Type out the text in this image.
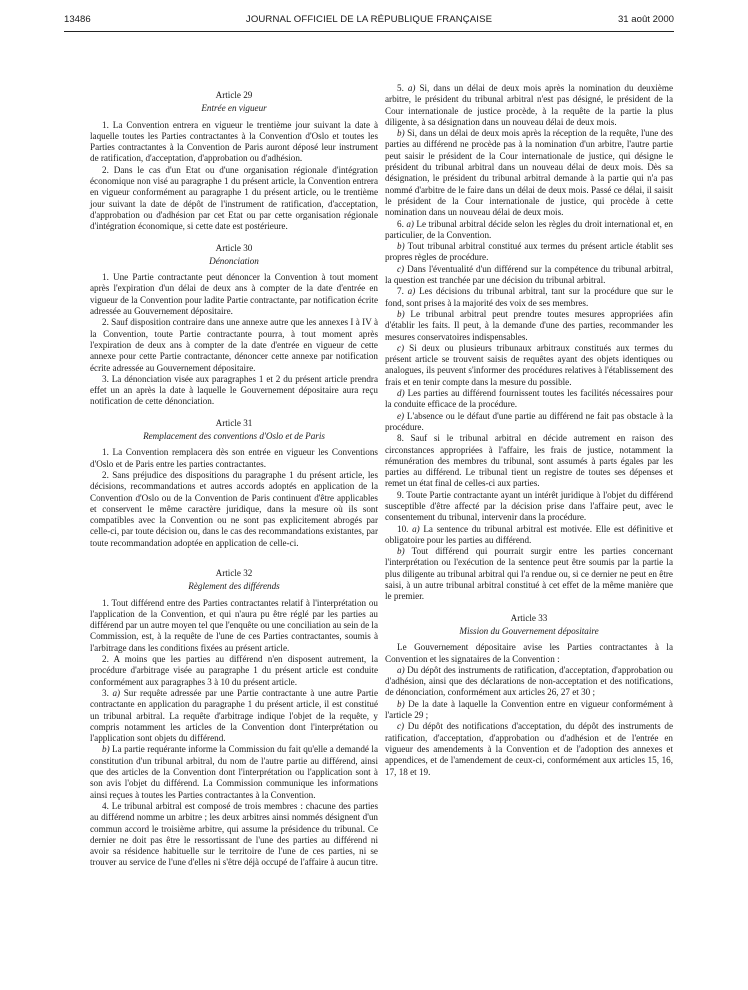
13486	JOURNAL OFFICIEL DE LA RÉPUBLIQUE FRANÇAISE	31 août 2000
Article 29
Entrée en vigueur

1. La Convention entrera en vigueur le trentième jour suivant la date à laquelle toutes les Parties contractantes à la Convention d'Oslo et toutes les Parties contractantes à la Convention de Paris auront déposé leur instrument de ratification, d'acceptation, d'approbation ou d'adhésion.

2. Dans le cas d'un Etat ou d'une organisation régionale d'intégration économique non visé au paragraphe 1 du présent article, la Convention entrera en vigueur conformément au paragraphe 1 du présent article, ou le trentième jour suivant la date de dépôt de l'instrument de ratification, d'acceptation, d'approbation ou d'adhésion par cet Etat ou par cette organisation régionale d'intégration économique, si cette date est postérieure.

Article 30
Dénonciation

1. Une Partie contractante peut dénoncer la Convention à tout moment après l'expiration d'un délai de deux ans à compter de la date d'entrée en vigueur de la Convention pour ladite Partie contractante, par notification écrite adressée au Gouvernement dépositaire.

2. Sauf disposition contraire dans une annexe autre que les annexes I à IV à la Convention, toute Partie contractante pourra, à tout moment après l'expiration de deux ans à compter de la date d'entrée en vigueur de cette annexe pour cette Partie contractante, dénoncer cette annexe par notification écrite adressée au Gouvernement dépositaire.

3. La dénonciation visée aux paragraphes 1 et 2 du présent article prendra effet un an après la date à laquelle le Gouvernement dépositaire aura reçu notification de cette dénonciation.

Article 31
Remplacement des conventions d'Oslo et de Paris

1. La Convention remplacera dès son entrée en vigueur les Conventions d'Oslo et de Paris entre les parties contractantes.

2. Sans préjudice des dispositions du paragraphe 1 du présent article, les décisions, recommandations et autres accords adoptés en application de la Convention d'Oslo ou de la Convention de Paris continuent d'être applicables et conservent le même caractère juridique, dans la mesure où ils sont compatibles avec la Convention ou ne sont pas explicitement abrogés par celle-ci, par toute décision ou, dans le cas des recommandations existantes, par toute recommandation adoptée en application de celle-ci.

Article 32
Règlement des différends

1. Tout différend entre des Parties contractantes relatif à l'interprétation ou l'application de la Convention, et qui n'aura pu être réglé par les parties au différend par un autre moyen tel que l'enquête ou une conciliation au sein de la Commission, est, à la requête de l'une de ces Parties contractantes, soumis à l'arbitrage dans les conditions fixées au présent article.

2. A moins que les parties au différend n'en disposent autrement, la procédure d'arbitrage visée au paragraphe 1 du présent article est conduite conformément aux paragraphes 3 à 10 du présent article.

3. a) Sur requête adressée par une Partie contractante à une autre Partie contractante en application du paragraphe 1 du présent article, il est constitué un tribunal arbitral. La requête d'arbitrage indique l'objet de la requête, y compris notamment les articles de la Convention dont l'interprétation ou l'application sont objets du différend.

b) La partie requérante informe la Commission du fait qu'elle a demandé la constitution d'un tribunal arbitral, du nom de l'autre partie au différend, ainsi que des articles de la Convention dont l'interprétation ou l'application sont à son avis l'objet du différend. La Commission communique les informations ainsi reçues à toutes les Parties contractantes à la Convention.

4. Le tribunal arbitral est composé de trois membres : chacune des parties au différend nomme un arbitre ; les deux arbitres ainsi nommés désignent d'un commun accord le troisième arbitre, qui assume la présidence du tribunal. Ce dernier ne doit pas être le ressortissant de l'une des parties au différend ni avoir sa résidence habituelle sur le territoire de l'une de ces parties, ni se trouver au service de l'une d'elles ni s'être déjà occupé de l'affaire à aucun titre.

5. a) Si, dans un délai de deux mois après la nomination du deuxième arbitre, le président du tribunal arbitral n'est pas désigné, le président de la Cour internationale de justice procède, à la requête de la partie la plus diligente, à sa désignation dans un nouveau délai de deux mois.

b) Si, dans un délai de deux mois après la réception de la requête, l'une des parties au différend ne procède pas à la nomination d'un arbitre, l'autre partie peut saisir le président de la Cour internationale de justice, qui désigne le président du tribunal arbitral dans un nouveau délai de deux mois. Dès sa désignation, le président du tribunal arbitral demande à la partie qui n'a pas nommé d'arbitre de le faire dans un délai de deux mois. Passé ce délai, il saisit le président de la Cour internationale de justice, qui procède à cette nomination dans un nouveau délai de deux mois.

6. a) Le tribunal arbitral décide selon les règles du droit international et, en particulier, de la Convention.

b) Tout tribunal arbitral constitué aux termes du présent article établit ses propres règles de procédure.

c) Dans l'éventualité d'un différend sur la compétence du tribunal arbitral, la question est tranchée par une décision du tribunal arbitral.

7. a) Les décisions du tribunal arbitral, tant sur la procédure que sur le fond, sont prises à la majorité des voix de ses membres.

b) Le tribunal arbitral peut prendre toutes mesures appropriées afin d'établir les faits. Il peut, à la demande d'une des parties, recommander les mesures conservatoires indispensables.

c) Si deux ou plusieurs tribunaux arbitraux constitués aux termes du présent article se trouvent saisis de requêtes ayant des objets identiques ou analogues, ils peuvent s'informer des procédures relatives à l'établissement des frais et en tenir compte dans la mesure du possible.

d) Les parties au différend fournissent toutes les facilités nécessaires pour la conduite efficace de la procédure.

e) L'absence ou le défaut d'une partie au différend ne fait pas obstacle à la procédure.

8. Sauf si le tribunal arbitral en décide autrement en raison des circonstances appropriées à l'affaire, les frais de justice, notamment la rémunération des membres du tribunal, sont assumés à parts égales par les parties au différend. Le tribunal tient un registre de toutes ses dépenses et remet un état final de celles-ci aux parties.

9. Toute Partie contractante ayant un intérêt juridique à l'objet du différend susceptible d'être affecté par la décision prise dans l'affaire peut, avec le consentement du tribunal, intervenir dans la procédure.

10. a) La sentence du tribunal arbitral est motivée. Elle est définitive et obligatoire pour les parties au différend.

b) Tout différend qui pourrait surgir entre les parties concernant l'interprétation ou l'exécution de la sentence peut être soumis par la partie la plus diligente au tribunal arbitral qui l'a rendue ou, si ce dernier ne peut en être saisi, à un autre tribunal arbitral constitué à cet effet de la même manière que le premier.

Article 33
Mission du Gouvernement dépositaire

Le Gouvernement dépositaire avise les Parties contractantes à la Convention et les signataires de la Convention :

a) Du dépôt des instruments de ratification, d'acceptation, d'approbation ou d'adhésion, ainsi que des déclarations de non-acceptation et des notifications, de dénonciation, conformément aux articles 26, 27 et 30 ;

b) De la date à laquelle la Convention entre en vigueur conformément à l'article 29 ;

c) Du dépôt des notifications d'acceptation, du dépôt des instruments de ratification, d'acceptation, d'approbation ou d'adhésion et de l'entrée en vigueur des amendements à la Convention et de l'adoption des annexes et appendices, et de l'amendement de ceux-ci, conformément aux articles 15, 16, 17, 18 et 19.
